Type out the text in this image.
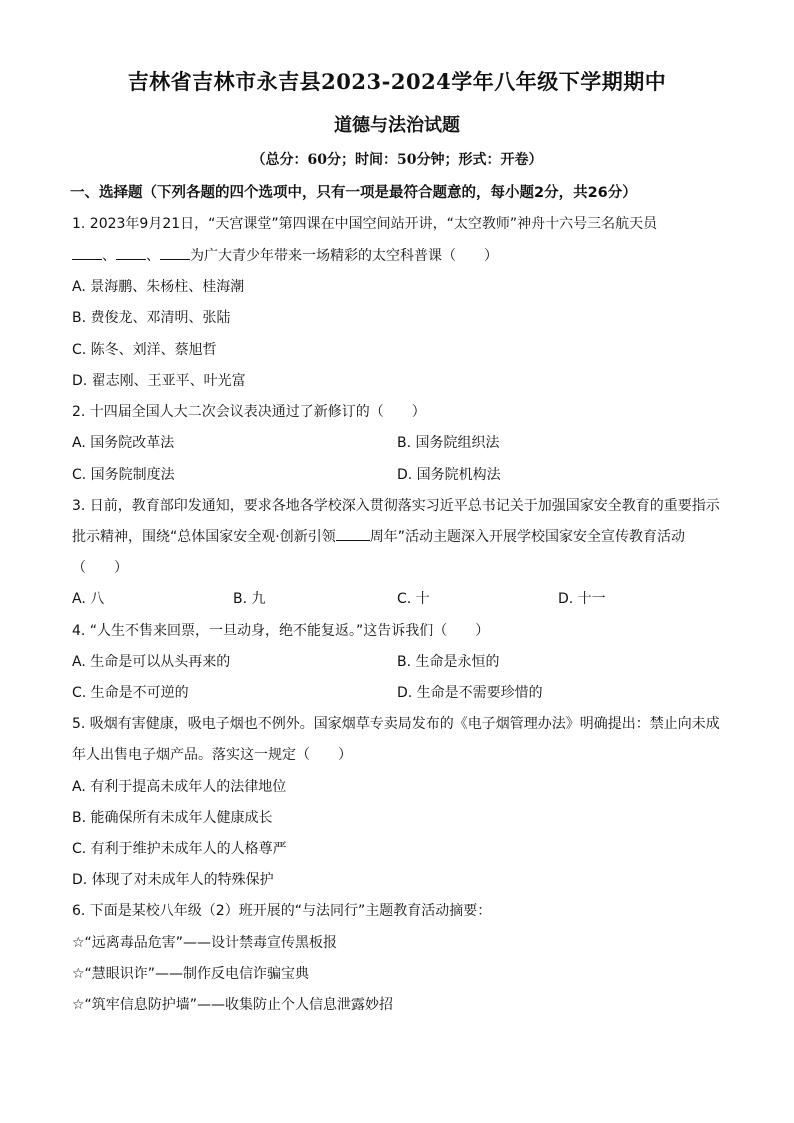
吉林省吉林市永吉县2023-2024学年八年级下学期期中
道德与法治试题
（总分：60分；时间：50分钟；形式：开卷）
一、选择题（下列各题的四个选项中，只有一项是最符合题意的，每小题2分，共26分）
1. 2023年9月21日，“天宫课堂”第四课在中国空间站开讲，“太空教师”神舟十六号三名航天员
、 、 为广大青少年带来一场精彩的太空科普课（　　）
A. 景海鹏、朱杨柱、桂海潮
B. 费俊龙、邓清明、张陆
C. 陈冬、刘洋、蔡旭哲
D. 翟志刚、王亚平、叶光富
2. 十四届全国人大二次会议表决通过了新修订的（　　）
A. 国务院改革法	B. 国务院组织法
C. 国务院制度法	D. 国务院机构法
3. 日前，教育部印发通知，要求各地各学校深入贯彻落实习近平总书记关于加强国家安全教育的重要指示
批示精神，围绕“总体国家安全观·创新引领 周年”活动主题深入开展学校国家安全宣传教育活动
（　　）
A. 八	B. 九	C. 十	D. 十一
4. “人生不售来回票，一旦动身，绝不能复返。”这告诉我们（　　）
A. 生命是可以从头再来的	B. 生命是永恒的
C. 生命是不可逆的	D. 生命是不需要珍惜的
5. 吸烟有害健康，吸电子烟也不例外。国家烟草专卖局发布的《电子烟管理办法》明确提出：禁止向未成
年人出售电子烟产品。落实这一规定（　　）
A. 有利于提高未成年人的法律地位
B. 能确保所有未成年人健康成长
C. 有利于维护未成年人的人格尊严
D. 体现了对未成年人的特殊保护
6. 下面是某校八年级（2）班开展的“与法同行”主题教育活动摘要：
☆“远离毒品危害”——设计禁毒宣传黑板报
☆“慧眼识诈”——制作反电信诈骗宝典
☆“筑牢信息防护墙”——收集防止个人信息泄露妙招
